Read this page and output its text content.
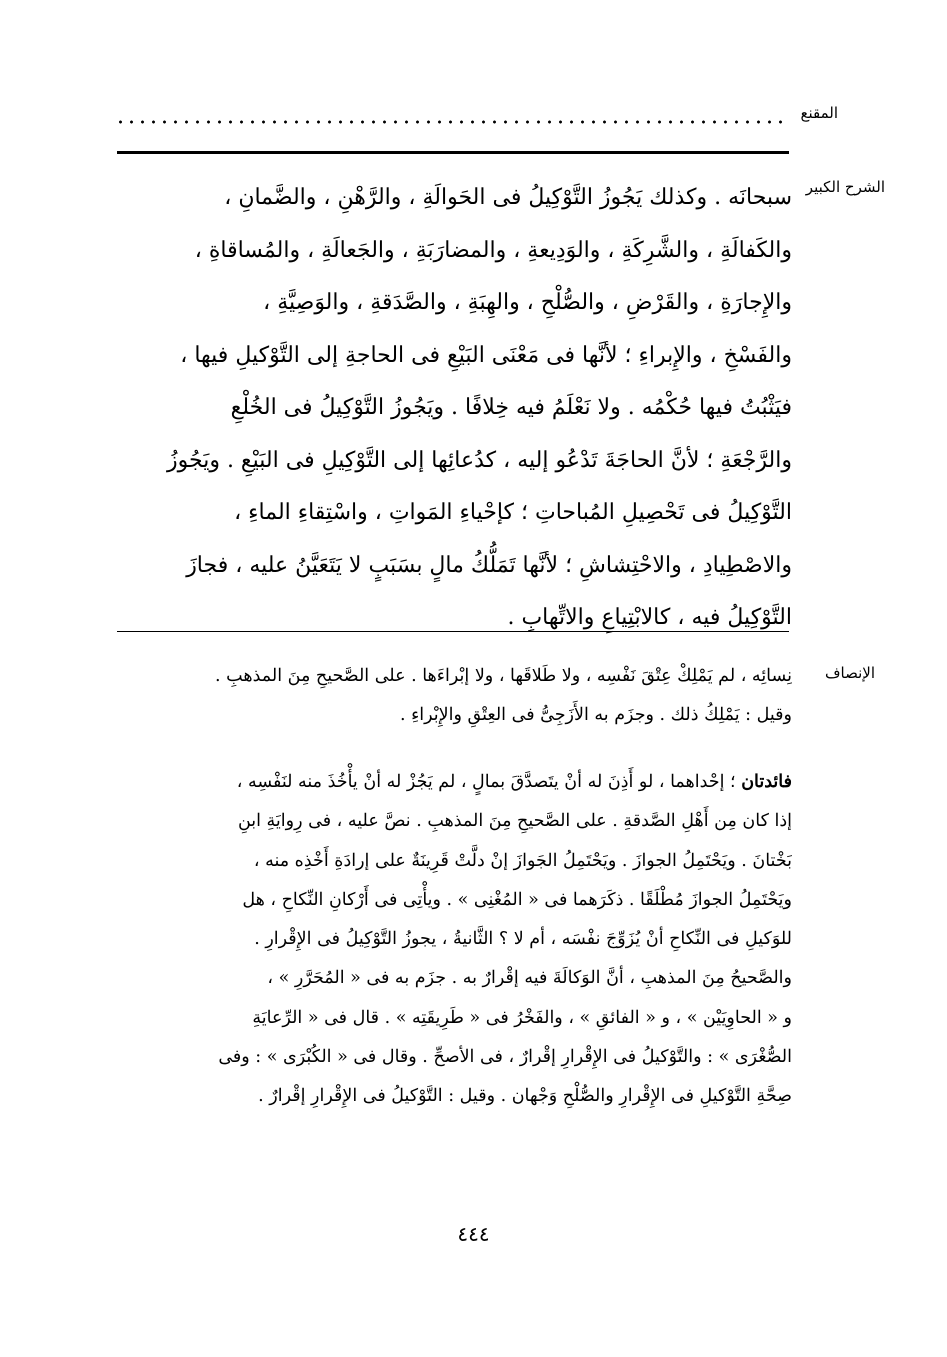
المقنع
الشرح الكبير
سبحانَه . وكذلك يَجُوزُ التَّوْكِيلُ فى الحَوالَةِ ، والرَّهْنِ ، والضَّمانِ ،
والكَفالَةِ ، والشَّرِكَةِ ، والوَدِيعةِ ، والمضارَبَةِ ، والجَعالَةِ ، والمُساقاةِ ،
والإِجارَةِ ، والقَرْضِ ، والصُّلْحِ ، والهِبَةِ ، والصَّدَقةِ ، والوَصِيَّةِ ،
والفَسْخِ ، والإِبراءِ ؛ لأنَّها فى مَعْنَى البَيْعِ فى الحاجةِ إلى التَّوْكيلِ فيها ،
فيَثْبُتُ فيها حُكْمُه . ولا نَعْلَمُ فيه خِلافًا . ويَجُوزُ التَّوْكِيلُ فى الخُلْعِ
والرَّجْعَةِ ؛ لأنَّ الحاجَةَ تَدْعُو إليه ، كدُعائِها إلى التَّوْكِيلِ فى البَيْعِ . ويَجُوزُ
التَّوْكِيلُ فى تَحْصِيلِ المُباحاتِ ؛ كإحْياءِ المَواتِ ، واسْتِقاءِ الماءِ ،
والاصْطِيادِ ، والاحْتِشاشِ ؛ لأنَّها تَمَلُّكُ مالٍ بسَبَبٍ لا يَتَعَيَّنُ عليه ، فجازَ
التَّوْكِيلُ فيه ، كالابْتِياعِ والاتِّهابِ .
الإنصاف
نِسائِه ، لم يَمْلِكْ عِتْقَ نَفْسِه ، ولا طَلاقَها ، ولا إبْراءَها . على الصَّحيحِ مِنَ المذهبِ .
وقيل : يَمْلِكُ ذلك . وجزَم به الأَزَجِىُّ فى العِتْقِ والإِبْراءِ .
فائدتان ؛ إحْداهما ، لو أَذِنَ له أنْ يتَصدَّقَ بمالٍ ، لم يَجُزْ له أنْ يأْخُذَ منه لنَفْسِه ،
إذا كان مِن أَهْلِ الصَّدقةِ . على الصَّحيحِ مِنَ المذهبِ . نصَّ عليه ، فى رِوايَةِ ابنِ
بَخْتانَ . ويَحْتَمِلُ الجوازَ . ويَحْتَمِلُ الجَوازَ إنْ دلَّتْ قَرِينَةٌ على إرادَةِ أَخْذِه منه ،
ويَحْتَمِلُ الجوازَ مُطْلَقًا . ذكَرَهما فى « المُغْنِى » . ويأْتِى فى أَرْكانِ النِّكاحِ ، هل
للوَكيلِ فى النِّكاحِ أنْ يُزَوِّجَ نفْسَه ، أم لا ؟ الثَّانيةُ ، يجوزُ التَّوْكِيلُ فى الإِقْرارِ .
والصَّحيحُ مِنَ المذهبِ ، أنَّ الوَكالَةَ فيه إقْرارٌ به . جزَم به فى « المُحَرَّرِ » ،
و « الحاوِيَيْن » ، و « الفائقِ » ، والفَخْرُ فى « طَرِيقَتِه » . قال فى « الرِّعايَةِ
الصُّغْرَى » : والتَّوْكيلُ فى الإِقْرارِ إقْرارٌ ، فى الأصحِّ . وقال فى « الكُبْرَى » : وفى
صِحَّةِ التَّوْكيلِ فى الإِقْرارِ والصُّلْحِ وَجْهان . وقيل : التَّوْكيلُ فى الإِقْرارِ إقْرارٌ .
٤٤٤
